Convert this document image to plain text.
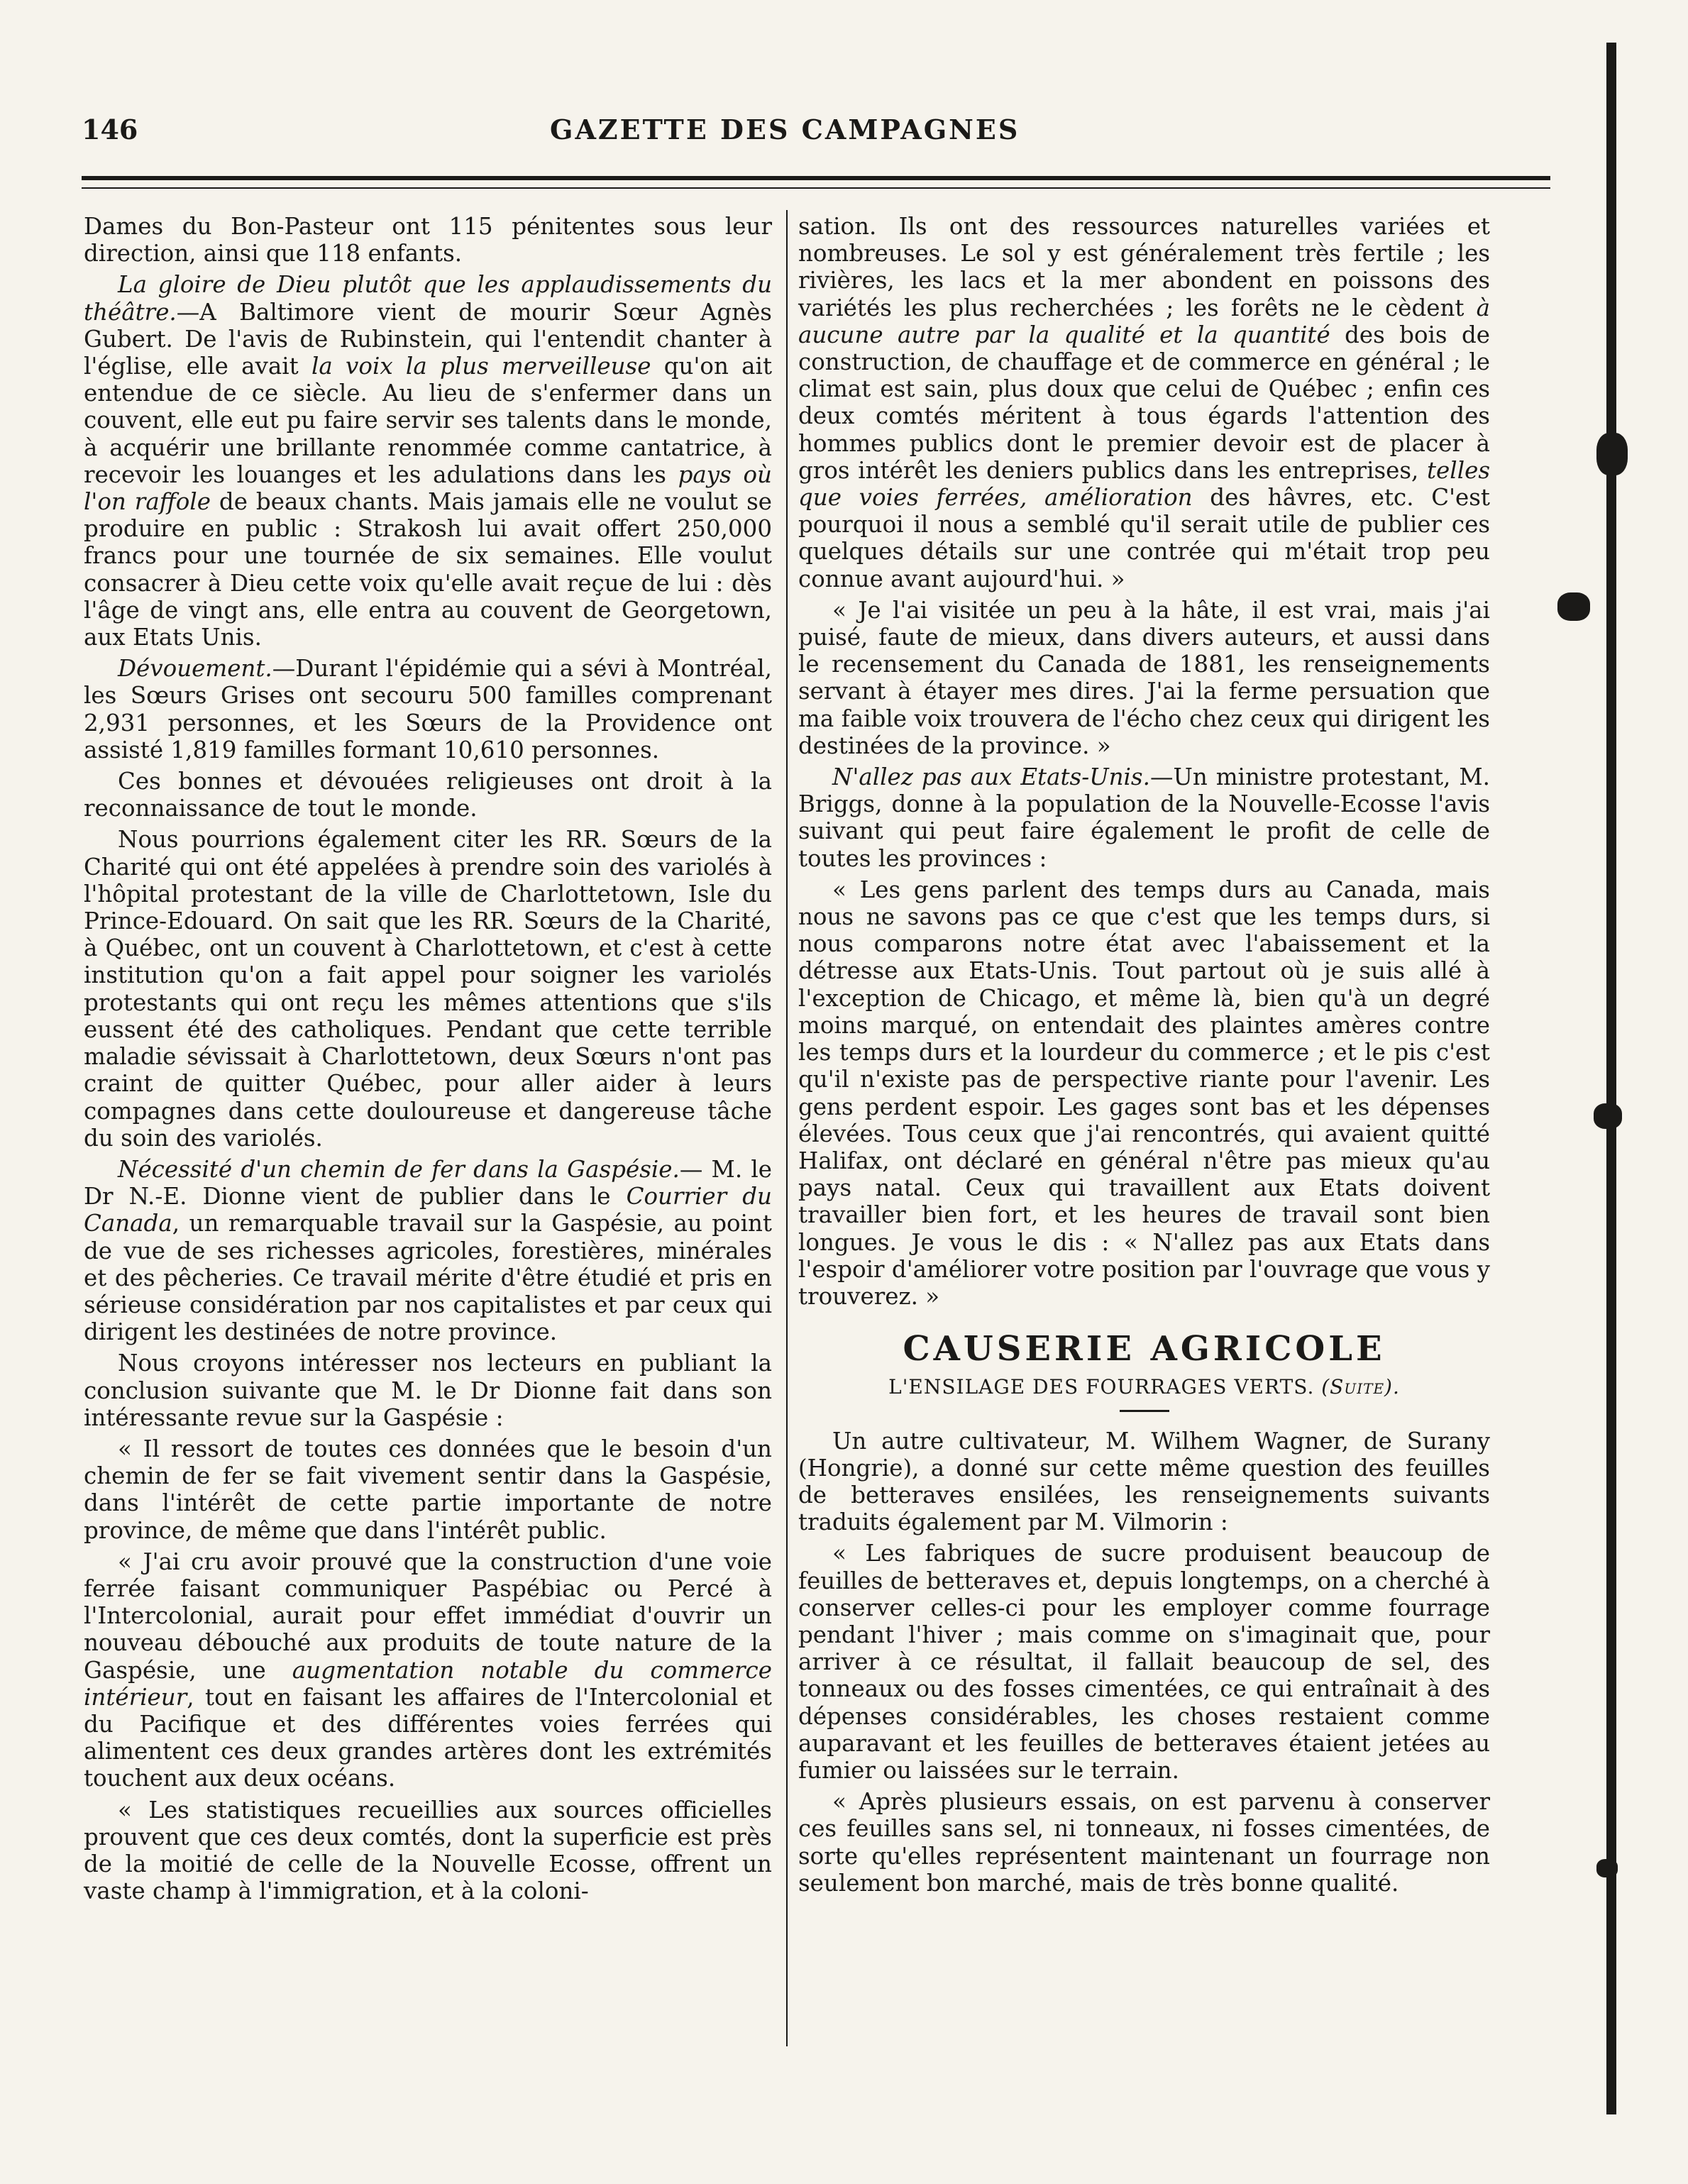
146	GAZETTE DES CAMPAGNES

Dames du Bon-Pasteur ont 115 pénitentes sous leur direction, ainsi que 118 enfants.

La gloire de Dieu plutôt que les applaudissements du théâtre.—A Baltimore vient de mourir Sœur Agnès Gubert. De l'avis de Rubinstein, qui l'entendit chanter à l'église, elle avait la voix la plus merveilleuse qu'on ait entendue de ce siècle. Au lieu de s'enfermer dans un couvent, elle eut pu faire servir ses talents dans le monde, à acquérir une brillante renommée comme cantatrice, à recevoir les louanges et les adulations dans les pays où l'on raffole de beaux chants. Mais jamais elle ne voulut se produire en public : Strakosh lui avait offert 250,000 francs pour une tournée de six semaines. Elle voulut consacrer à Dieu cette voix qu'elle avait reçue de lui : dès l'âge de vingt ans, elle entra au couvent de Georgetown, aux Etats Unis.

Dévouement.—Durant l'épidémie qui a sévi à Montréal, les Sœurs Grises ont secouru 500 familles comprenant 2,931 personnes, et les Sœurs de la Providence ont assisté 1,819 familles formant 10,610 personnes.

Ces bonnes et dévouées religieuses ont droit à la reconnaissance de tout le monde.

Nous pourrions également citer les RR. Sœurs de la Charité qui ont été appelées à prendre soin des variolés à l'hôpital protestant de la ville de Charlottetown, Isle du Prince-Edouard. On sait que les RR. Sœurs de la Charité, à Québec, ont un couvent à Charlottetown, et c'est à cette institution qu'on a fait appel pour soigner les variolés protestants qui ont reçu les mêmes attentions que s'ils eussent été des catholiques. Pendant que cette terrible maladie sévissait à Charlottetown, deux Sœurs n'ont pas craint de quitter Québec, pour aller aider à leurs compagnes dans cette douloureuse et dangereuse tâche du soin des variolés.

Nécessité d'un chemin de fer dans la Gaspésie.— M. le Dr N.-E. Dionne vient de publier dans le Courrier du Canada, un remarquable travail sur la Gaspésie, au point de vue de ses richesses agricoles, forestières, minérales et des pêcheries. Ce travail mérite d'être étudié et pris en sérieuse considération par nos capitalistes et par ceux qui dirigent les destinées de notre province.

Nous croyons intéresser nos lecteurs en publiant la conclusion suivante que M. le Dr Dionne fait dans son intéressante revue sur la Gaspésie :

« Il ressort de toutes ces données que le besoin d'un chemin de fer se fait vivement sentir dans la Gaspésie, dans l'intérêt de cette partie importante de notre province, de même que dans l'intérêt public.

« J'ai cru avoir prouvé que la construction d'une voie ferrée faisant communiquer Paspébiac ou Percé à l'Intercolonial, aurait pour effet immédiat d'ouvrir un nouveau débouché aux produits de toute nature de la Gaspésie, une augmentation notable du commerce intérieur, tout en faisant les affaires de l'Intercolonial et du Pacifique et des différentes voies ferrées qui alimentent ces deux grandes artères dont les extrémités touchent aux deux océans.

« Les statistiques recueillies aux sources officielles prouvent que ces deux comtés, dont la superficie est près de la moitié de celle de la Nouvelle Ecosse, offrent un vaste champ à l'immigration, et à la coloni-

sation. Ils ont des ressources naturelles variées et nombreuses. Le sol y est généralement très fertile ; les rivières, les lacs et la mer abondent en poissons des variétés les plus recherchées ; les forêts ne le cèdent à aucune autre par la qualité et la quantité des bois de construction, de chauffage et de commerce en général ; le climat est sain, plus doux que celui de Québec ; enfin ces deux comtés méritent à tous égards l'attention des hommes publics dont le premier devoir est de placer à gros intérêt les deniers publics dans les entreprises, telles que voies ferrées, amélioration des hâvres, etc. C'est pourquoi il nous a semblé qu'il serait utile de publier ces quelques détails sur une contrée qui m'était trop peu connue avant aujourd'hui. »

« Je l'ai visitée un peu à la hâte, il est vrai, mais j'ai puisé, faute de mieux, dans divers auteurs, et aussi dans le recensement du Canada de 1881, les renseignements servant à étayer mes dires. J'ai la ferme persuation que ma faible voix trouvera de l'écho chez ceux qui dirigent les destinées de la province. »

N'allez pas aux Etats-Unis.—Un ministre protestant, M. Briggs, donne à la population de la Nouvelle-Ecosse l'avis suivant qui peut faire également le profit de celle de toutes les provinces :

« Les gens parlent des temps durs au Canada, mais nous ne savons pas ce que c'est que les temps durs, si nous comparons notre état avec l'abaissement et la détresse aux Etats-Unis. Tout partout où je suis allé à l'exception de Chicago, et même là, bien qu'à un degré moins marqué, on entendait des plaintes amères contre les temps durs et la lourdeur du commerce ; et le pis c'est qu'il n'existe pas de perspective riante pour l'avenir. Les gens perdent espoir. Les gages sont bas et les dépenses élevées. Tous ceux que j'ai rencontrés, qui avaient quitté Halifax, ont déclaré en général n'être pas mieux qu'au pays natal. Ceux qui travaillent aux Etats doivent travailler bien fort, et les heures de travail sont bien longues. Je vous le dis : « N'allez pas aux Etats dans l'espoir d'améliorer votre position par l'ouvrage que vous y trouverez. »

CAUSERIE AGRICOLE
L'ENSILAGE DES FOURRAGES VERTS. (Suite).

Un autre cultivateur, M. Wilhem Wagner, de Surany (Hongrie), a donné sur cette même question des feuilles de betteraves ensilées, les renseignements suivants traduits également par M. Vilmorin :

« Les fabriques de sucre produisent beaucoup de feuilles de betteraves et, depuis longtemps, on a cherché à conserver celles-ci pour les employer comme fourrage pendant l'hiver ; mais comme on s'imaginait que, pour arriver à ce résultat, il fallait beaucoup de sel, des tonneaux ou des fosses cimentées, ce qui entraînait à des dépenses considérables, les choses restaient comme auparavant et les feuilles de betteraves étaient jetées au fumier ou laissées sur le terrain.

« Après plusieurs essais, on est parvenu à conserver ces feuilles sans sel, ni tonneaux, ni fosses cimentées, de sorte qu'elles représentent maintenant un fourrage non seulement bon marché, mais de très bonne qualité.
